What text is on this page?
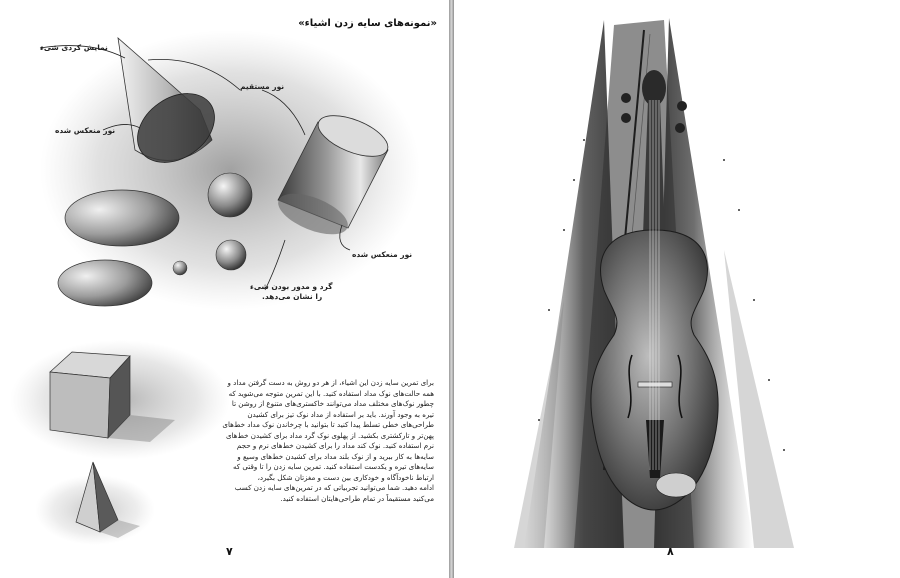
«نمونه‌های سایه زدن اشیاء»
نمایش کردی شیء
نور مستقیم
نور منعکس شده
نور منعکس شده
گرد و مدور بودن شیء
را نشان می‌دهد.
برای تمرین سایه زدن این اشیاء، از هر دو روش به دست گرفتن مداد و
همه حالت‌های نوک مداد استفاده کنید. با این تمرین متوجه می‌شوید که
چطور نوک‌های مختلف مداد می‌توانند خاکستری‌های متنوع از روشن تا
تیره به وجود آورند. باید بر استفاده از مداد نوک تیز برای کشیدن
طراحی‌های خطی تسلط پیدا کنید تا بتوانید با چرخاندن نوک مداد خط‌های
پهن‌تر و تارکشتری بکشید. از پهلوی نوک گرد مداد برای کشیدن خط‌های
نرم استفاده کنید. نوک کند مداد را برای کشیدن خط‌های نرم و حجم
سایه‌ها به کار ببرید و از نوک بلند مداد برای کشیدن خط‌های وسیع و
سایه‌های تیره و یکدست استفاده کنید. تمرین سایه زدن را تا وقتی که
ارتباط ناخودآگاه و خودکاری بین دست و مغزتان شکل بگیرد،
ادامه دهید. شما می‌توانید تجربیاتی که در تمرین‌های سایه زدن کسب
می‌کنید مستقیماً در تمام طراحی‌هایتان استفاده کنید.
۷	۸
